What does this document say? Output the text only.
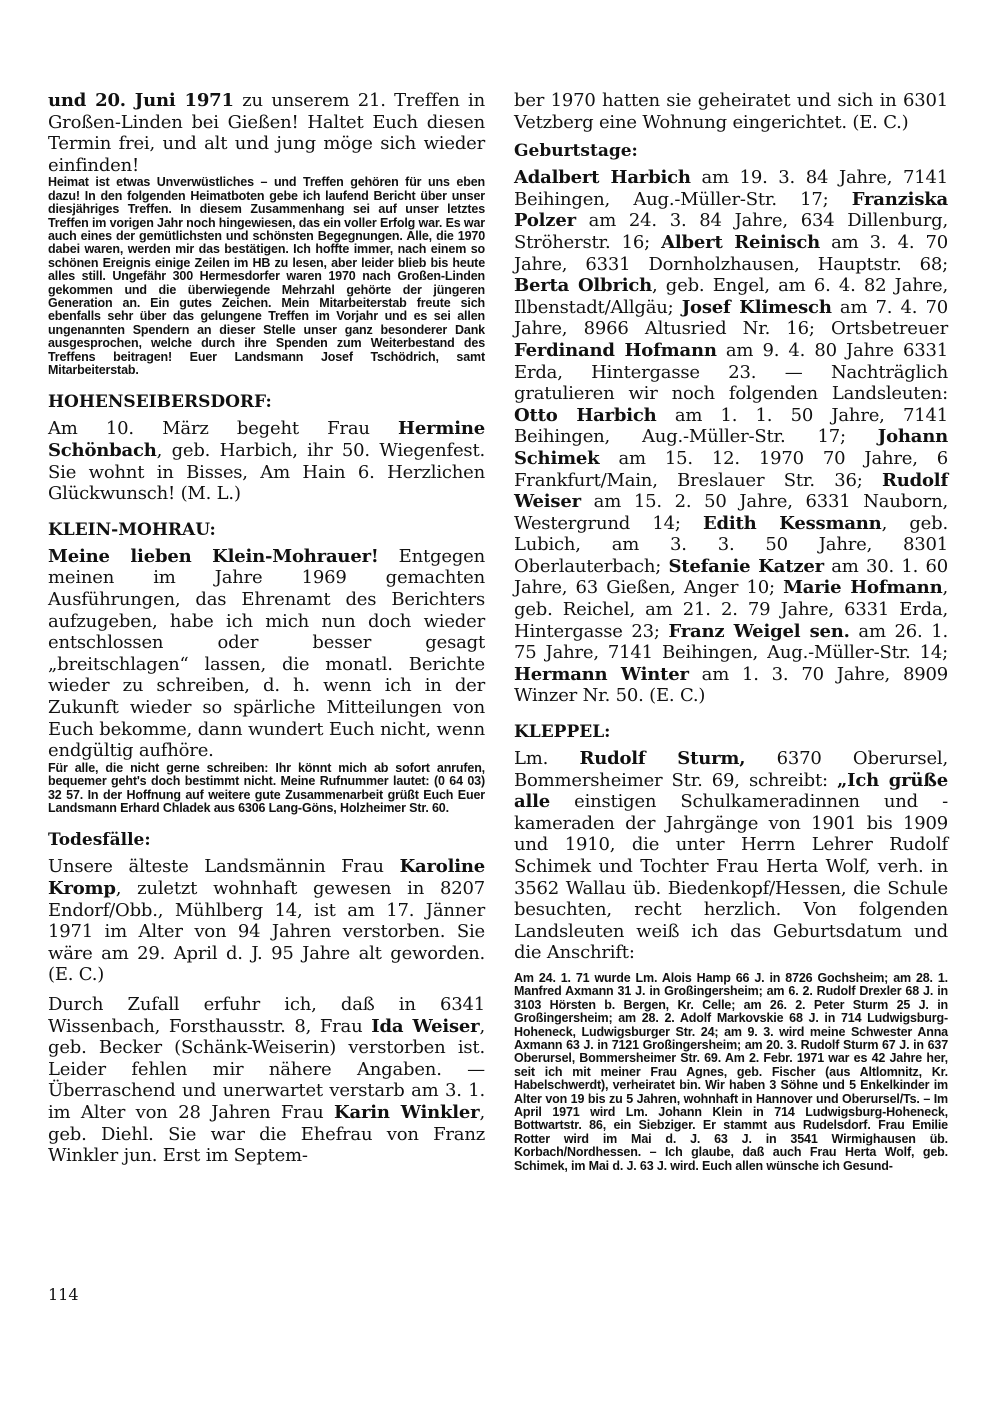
und 20. Juni 1971 zu unserem 21. Treffen in Großen-Linden bei Gießen! Haltet Euch diesen Termin frei, und alt und jung möge sich wieder einfinden!

Heimat ist etwas Unverwüstliches – und Treffen gehören für uns eben dazu! In den folgenden Heimatboten gebe ich laufend Bericht über unser diesjähriges Treffen. In diesem Zusammenhang sei auf unser letztes Treffen im vorigen Jahr noch hingewiesen, das ein voller Erfolg war. Es war auch eines der gemütlichsten und schönsten Begegnungen. Alle, die 1970 dabei waren, werden mir das bestätigen. Ich hoffte immer, nach einem so schönen Ereignis einige Zeilen im HB zu lesen, aber leider blieb bis heute alles still. Ungefähr 300 Hermesdorfer waren 1970 nach Großen-Linden gekommen und die überwiegende Mehrzahl gehörte der jüngeren Generation an. Ein gutes Zeichen. Mein Mitarbeiterstab freute sich ebenfalls sehr über das gelungene Treffen im Vorjahr und es sei allen ungenannten Spendern an dieser Stelle unser ganz besonderer Dank ausgesprochen, welche durch ihre Spenden zum Weiterbestand des Treffens beitragen! Euer Landsmann Josef Tschödrich, samt Mitarbeiterstab.

HOHENSEIBERSDORF:

Am 10. März begeht Frau Hermine Schönbach, geb. Harbich, ihr 50. Wiegenfest. Sie wohnt in Bisses, Am Hain 6. Herzlichen Glückwunsch! (M. L.)

KLEIN-MOHRAU:

Meine lieben Klein-Mohrauer! Entgegen meinen im Jahre 1969 gemachten Ausführungen, das Ehrenamt des Berichters aufzugeben, habe ich mich nun doch wieder entschlossen oder besser gesagt „breitschlagen“ lassen, die monatl. Berichte wieder zu schreiben, d. h. wenn ich in der Zukunft wieder so spärliche Mitteilungen von Euch bekomme, dann wundert Euch nicht, wenn endgültig aufhöre.

Für alle, die nicht gerne schreiben: Ihr könnt mich ab sofort anrufen, bequemer geht's doch bestimmt nicht. Meine Rufnummer lautet: (0 64 03) 32 57. In der Hoffnung auf weitere gute Zusammenarbeit grüßt Euch Euer Landsmann Erhard Chladek aus 6306 Lang-Göns, Holzheimer Str. 60.

Todesfälle:

Unsere älteste Landsmännin Frau Karoline Kromp, zuletzt wohnhaft gewesen in 8207 Endorf/Obb., Mühlberg 14, ist am 17. Jänner 1971 im Alter von 94 Jahren verstorben. Sie wäre am 29. April d. J. 95 Jahre alt geworden. (E. C.)

Durch Zufall erfuhr ich, daß in 6341 Wissenbach, Forsthausstr. 8, Frau Ida Weiser, geb. Becker (Schänk-Weiserin) verstorben ist. Leider fehlen mir nähere Angaben. — Überraschend und unerwartet verstarb am 3. 1. im Alter von 28 Jahren Frau Karin Winkler, geb. Diehl. Sie war die Ehefrau von Franz Winkler jun. Erst im Septem-

ber 1970 hatten sie geheiratet und sich in 6301 Vetzberg eine Wohnung eingerichtet. (E. C.)

Geburtstage:

Adalbert Harbich am 19. 3. 84 Jahre, 7141 Beihingen, Aug.-Müller-Str. 17; Franziska Polzer am 24. 3. 84 Jahre, 634 Dillenburg, Ströherstr. 16; Albert Reinisch am 3. 4. 70 Jahre, 6331 Dornholzhausen, Hauptstr. 68; Berta Olbrich, geb. Engel, am 6. 4. 82 Jahre, Ilbenstadt/Allgäu; Josef Klimesch am 7. 4. 70 Jahre, 8966 Altusried Nr. 16; Ortsbetreuer Ferdinand Hofmann am 9. 4. 80 Jahre 6331 Erda, Hintergasse 23. — Nachträglich gratulieren wir noch folgenden Landsleuten: Otto Harbich am 1. 1. 50 Jahre, 7141 Beihingen, Aug.-Müller-Str. 17; Johann Schimek am 15. 12. 1970 70 Jahre, 6 Frankfurt/Main, Breslauer Str. 36; Rudolf Weiser am 15. 2. 50 Jahre, 6331 Nauborn, Westergrund 14; Edith Kessmann, geb. Lubich, am 3. 3. 50 Jahre, 8301 Oberlauterbach; Stefanie Katzer am 30. 1. 60 Jahre, 63 Gießen, Anger 10; Marie Hofmann, geb. Reichel, am 21. 2. 79 Jahre, 6331 Erda, Hintergasse 23; Franz Weigel sen. am 26. 1. 75 Jahre, 7141 Beihingen, Aug.-Müller-Str. 14; Hermann Winter am 1. 3. 70 Jahre, 8909 Winzer Nr. 50. (E. C.)

KLEPPEL:

Lm. Rudolf Sturm, 6370 Oberursel, Bommersheimer Str. 69, schreibt: „Ich grüße alle einstigen Schulkameradinnen und -kameraden der Jahrgänge von 1901 bis 1909 und 1910, die unter Herrn Lehrer Rudolf Schimek und Tochter Frau Herta Wolf, verh. in 3562 Wallau üb. Biedenkopf/Hessen, die Schule besuchten, recht herzlich. Von folgenden Landsleuten weiß ich das Geburtsdatum und die Anschrift:

Am 24. 1. 71 wurde Lm. Alois Hamp 66 J. in 8726 Gochsheim; am 28. 1. Manfred Axmann 31 J. in Großingersheim; am 6. 2. Rudolf Drexler 68 J. in 3103 Hörsten b. Bergen, Kr. Celle; am 26. 2. Peter Sturm 25 J. in Großingersheim; am 28. 2. Adolf Markovskie 68 J. in 714 Ludwigsburg-Hoheneck, Ludwigsburger Str. 24; am 9. 3. wird meine Schwester Anna Axmann 63 J. in 7121 Großingersheim; am 20. 3. Rudolf Sturm 67 J. in 637 Oberursel, Bommersheimer Str. 69. Am 2. Febr. 1971 war es 42 Jahre her, seit ich mit meiner Frau Agnes, geb. Fischer (aus Altlomnitz, Kr. Habelschwerdt), verheiratet bin. Wir haben 3 Söhne und 5 Enkelkinder im Alter von 19 bis zu 5 Jahren, wohnhaft in Hannover und Oberursel/Ts. – Im April 1971 wird Lm. Johann Klein in 714 Ludwigsburg-Hoheneck, Bottwartstr. 86, ein Siebziger. Er stammt aus Rudelsdorf. Frau Emilie Rotter wird im Mai d. J. 63 J. in 3541 Wirmighausen üb. Korbach/Nordhessen. – Ich glaube, daß auch Frau Herta Wolf, geb. Schimek, im Mai d. J. 63 J. wird. Euch allen wünsche ich Gesund-

114
